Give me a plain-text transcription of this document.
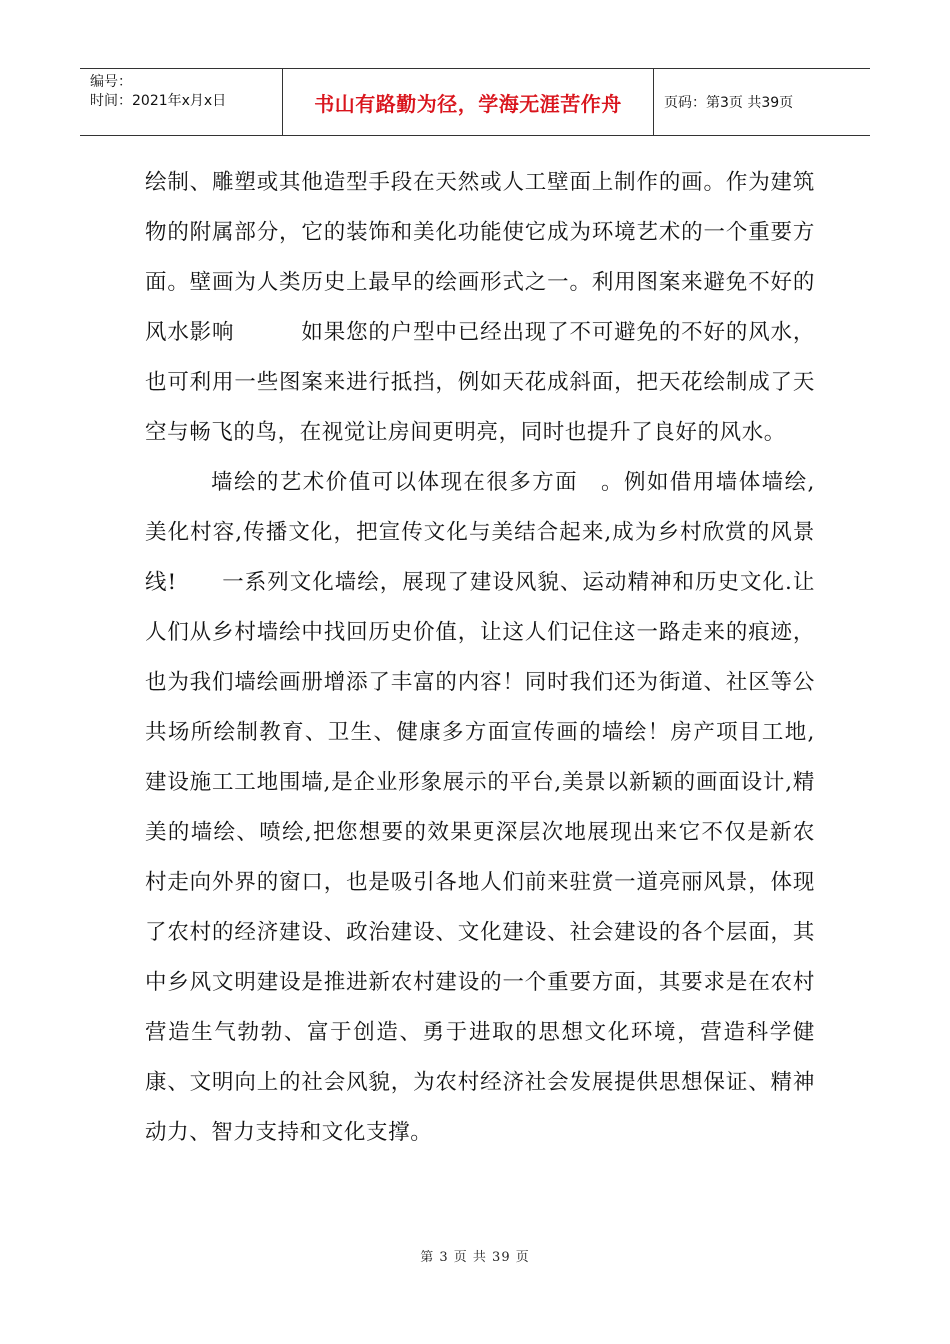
编号：
时间：2021年x月x日	书山有路勤为径，学海无涯苦作舟	页码：第3页 共39页

绘制、雕塑或其他造型手段在天然或人工壁面上制作的画。作为建筑物的附属部分，它的装饰和美化功能使它成为环境艺术的一个重要方面。壁画为人类历史上最早的绘画形式之一。利用图案来避免不好的风水影响　　　如果您的户型中已经出现了不可避免的不好的风水，也可利用一些图案来进行抵挡，例如天花成斜面，把天花绘制成了天空与畅飞的鸟，在视觉让房间更明亮，同时也提升了良好的风水。

墙绘的艺术价值可以体现在很多方面　。例如借用墙体墙绘,美化村容,传播文化，把宣传文化与美结合起来,成为乡村欣赏的风景线!　　一系列文化墙绘，展现了建设风貌、运动精神和历史文化.让人们从乡村墙绘中找回历史价值，让这人们记住这一路走来的痕迹，也为我们墙绘画册增添了丰富的内容！同时我们还为街道、社区等公共场所绘制教育、卫生、健康多方面宣传画的墙绘！房产项目工地,建设施工工地围墙,是企业形象展示的平台,美景以新颖的画面设计,精美的墙绘、喷绘,把您想要的效果更深层次地展现出来它不仅是新农村走向外界的窗口，也是吸引各地人们前来驻赏一道亮丽风景，体现了农村的经济建设、政治建设、文化建设、社会建设的各个层面，其中乡风文明建设是推进新农村建设的一个重要方面，其要求是在农村营造生气勃勃、富于创造、勇于进取的思想文化环境，营造科学健康、文明向上的社会风貌，为农村经济社会发展提供思想保证、精神动力、智力支持和文化支撑。

第 3 页 共 39 页
